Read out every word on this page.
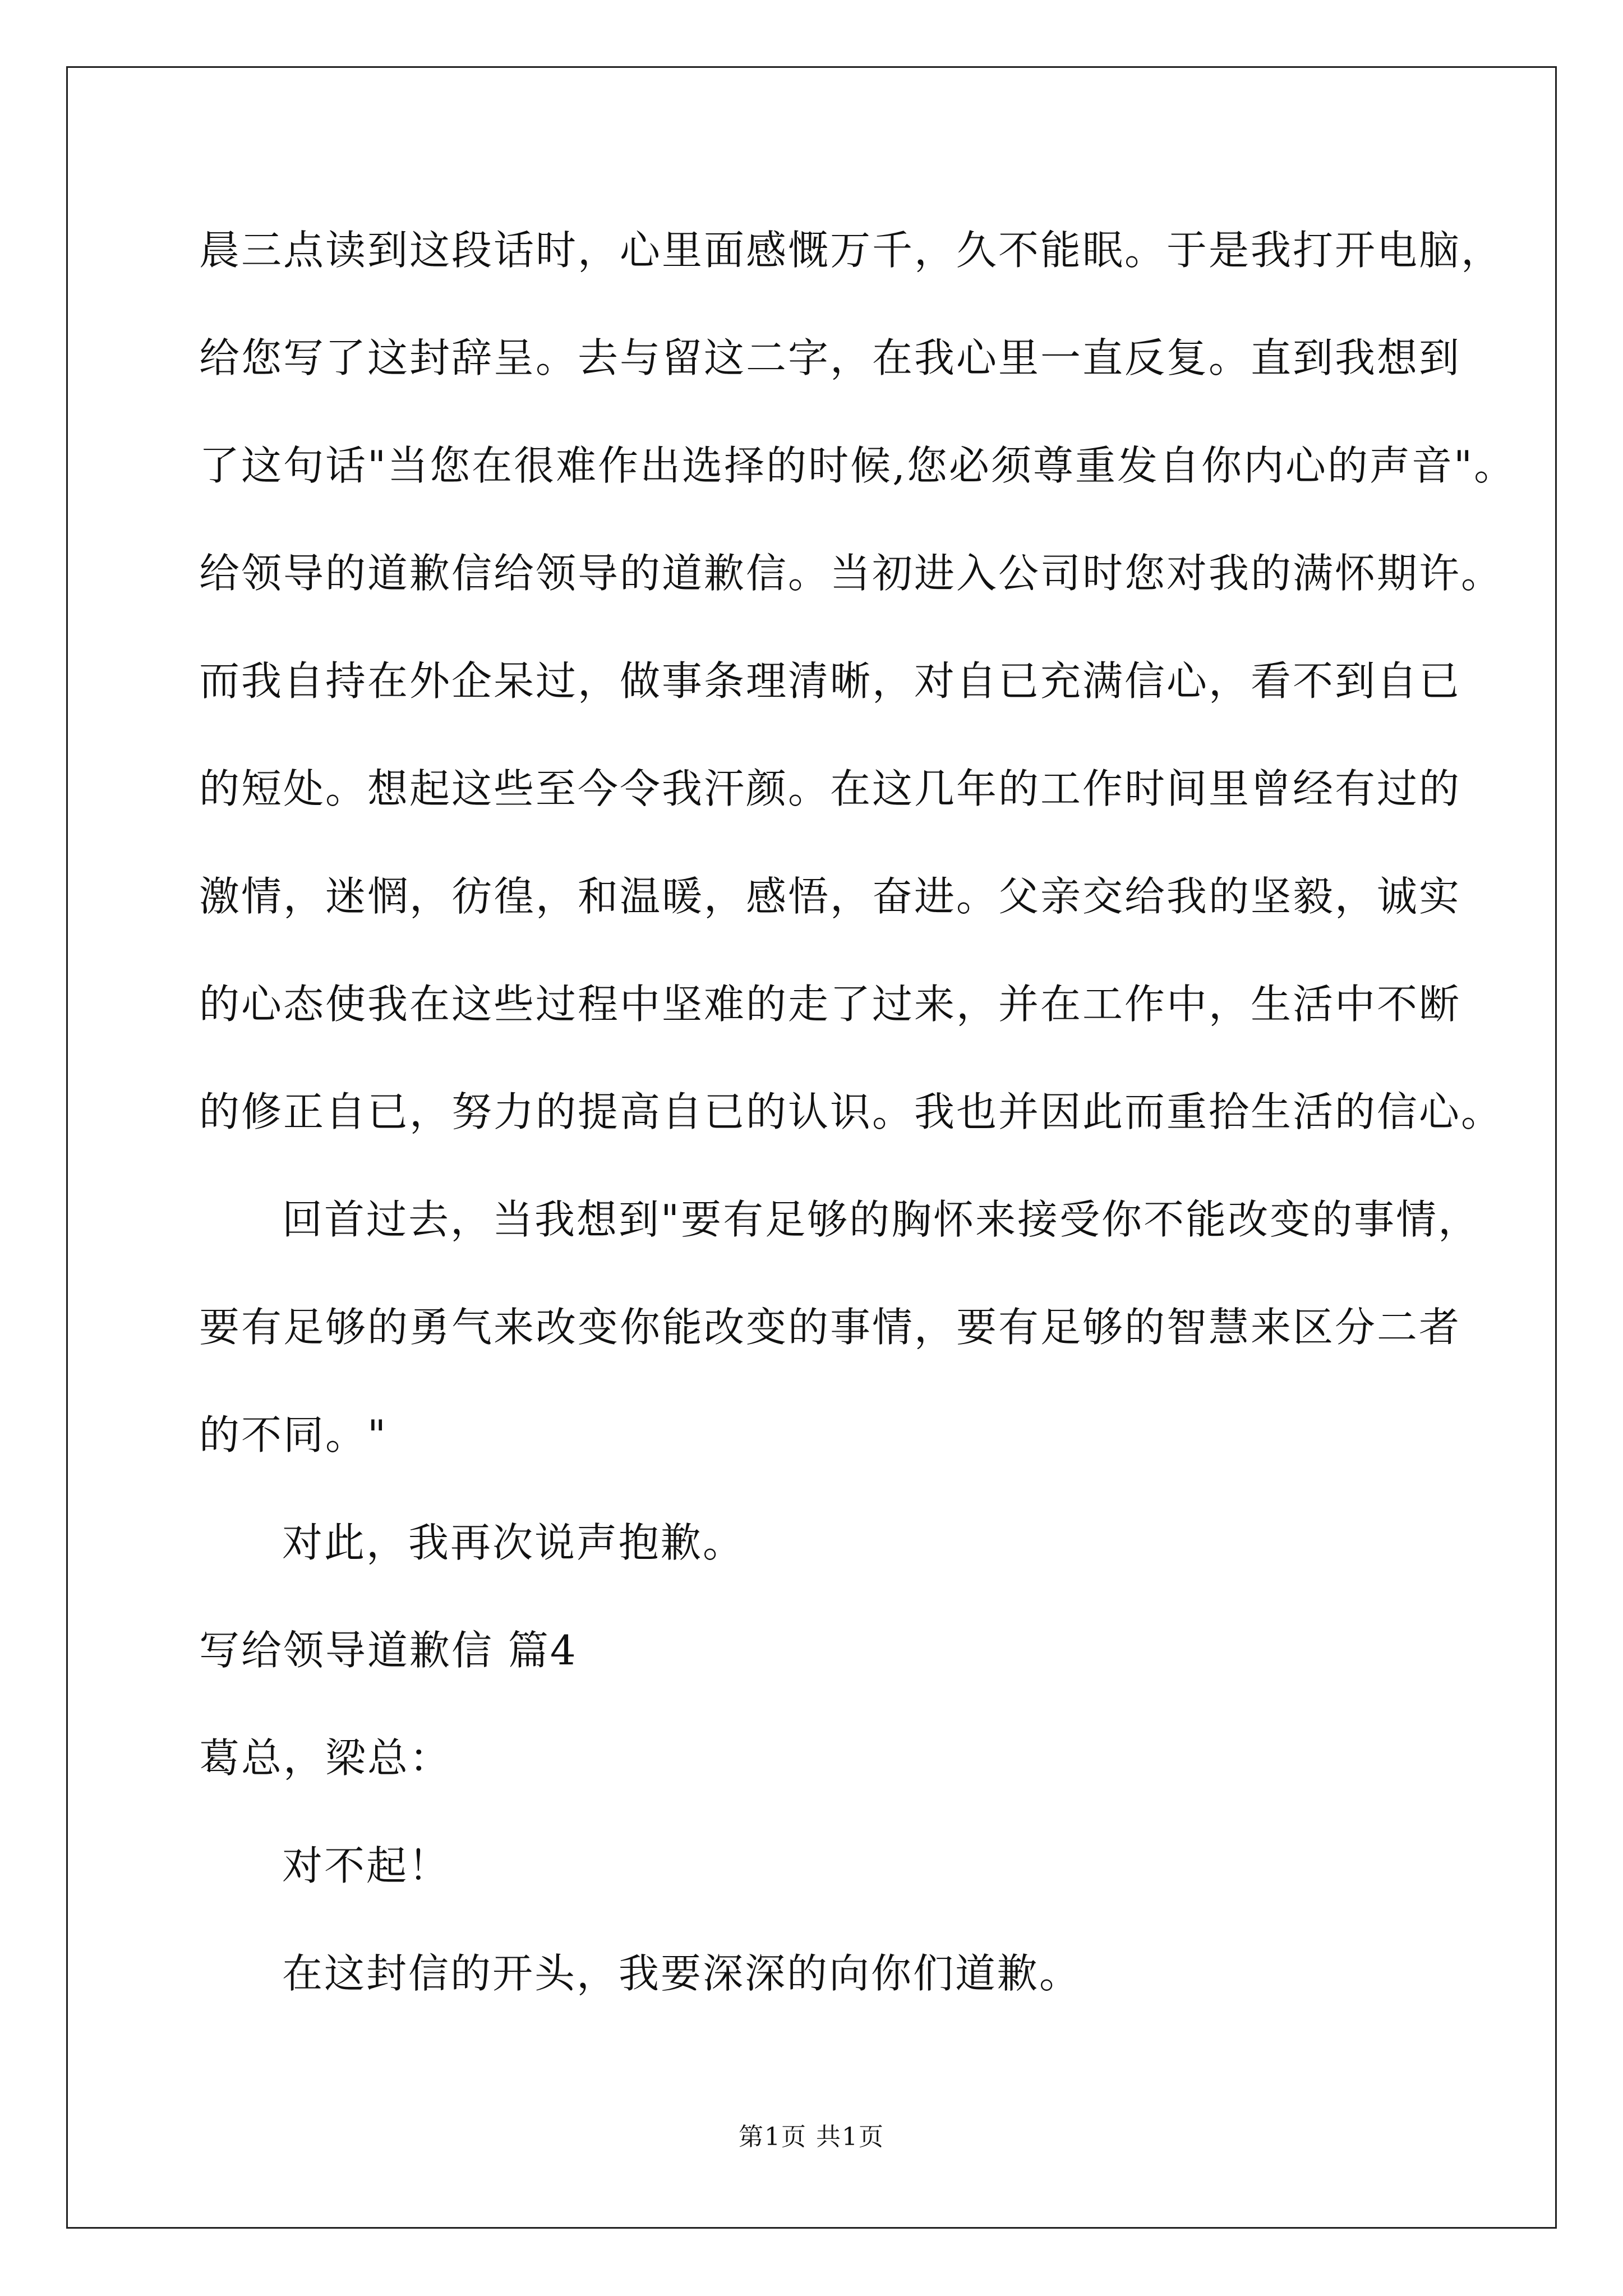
晨三点读到这段话时，心里面感慨万千，久不能眠。于是我打开电脑，
给您写了这封辞呈。去与留这二字，在我心里一直反复。直到我想到
了这句话"当您在很难作出选择的时候,您必须尊重发自你内心的声音"。
给领导的道歉信给领导的道歉信。当初进入公司时您对我的满怀期许。
而我自持在外企呆过，做事条理清晰，对自已充满信心，看不到自已
的短处。想起这些至今令我汗颜。在这几年的工作时间里曾经有过的
激情，迷惘，彷徨，和温暖，感悟，奋进。父亲交给我的坚毅，诚实
的心态使我在这些过程中坚难的走了过来，并在工作中，生活中不断
的修正自已，努力的提高自已的认识。我也并因此而重拾生活的信心。
回首过去，当我想到"要有足够的胸怀来接受你不能改变的事情，
要有足够的勇气来改变你能改变的事情，要有足够的智慧来区分二者
的不同。"
对此，我再次说声抱歉。
写给领导道歉信 篇4
葛总，梁总：
对不起！
在这封信的开头，我要深深的向你们道歉。
第1页 共1页
